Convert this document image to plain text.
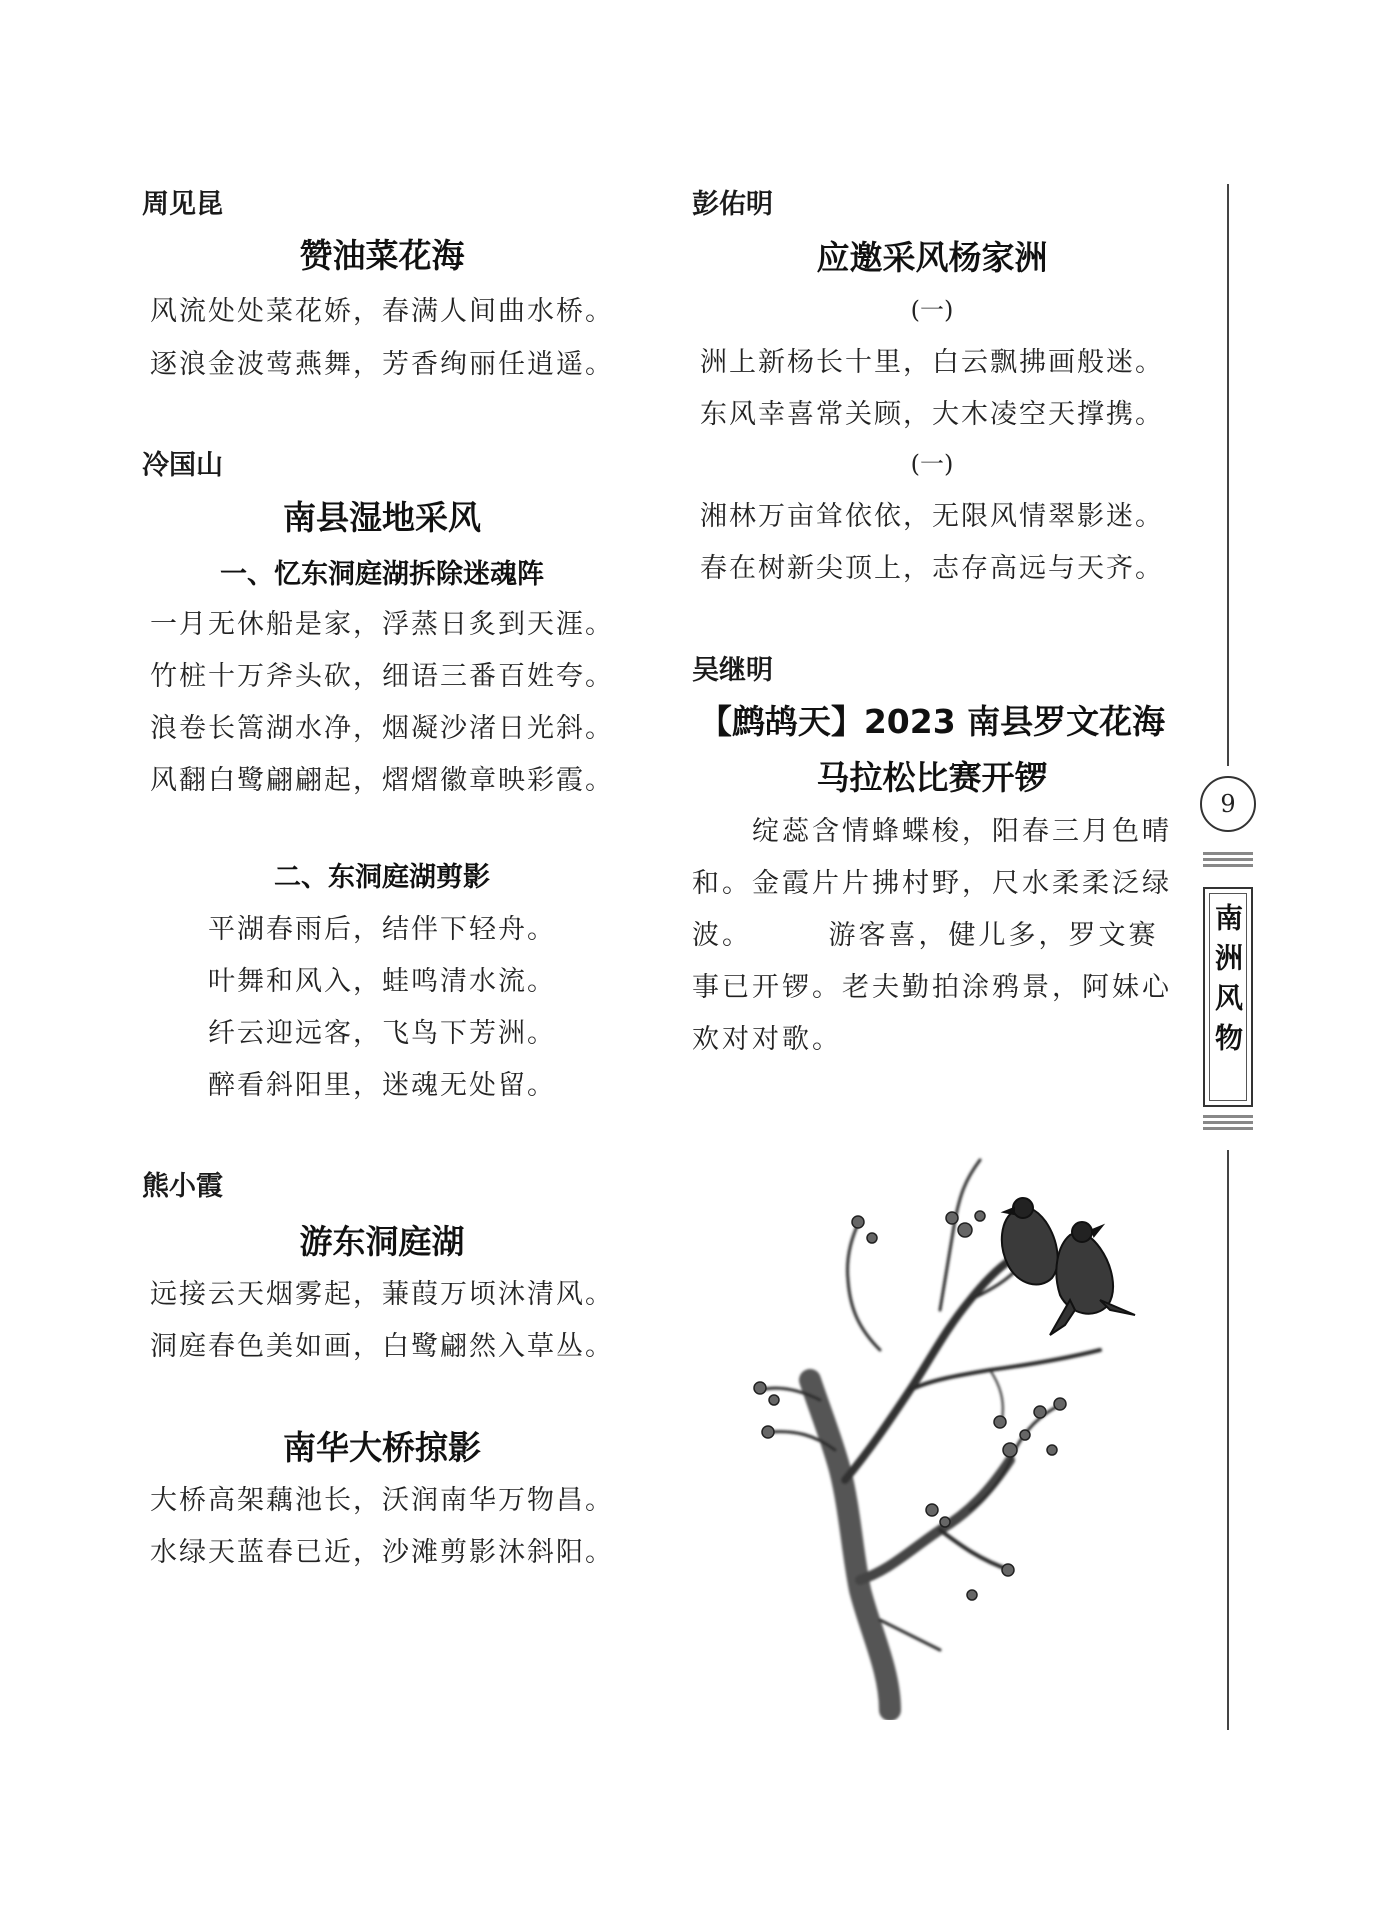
周见昆
赞油菜花海
风流处处菜花娇，春满人间曲水桥。
逐浪金波莺燕舞，芳香绚丽任逍遥。
冷国山
南县湿地采风
一、忆东洞庭湖拆除迷魂阵
一月无休船是家，浮蒸日炙到天涯。
竹桩十万斧头砍，细语三番百姓夸。
浪卷长篙湖水净，烟凝沙渚日光斜。
风翻白鹭翩翩起，熠熠徽章映彩霞。
二、东洞庭湖剪影
平湖春雨后，结伴下轻舟。
叶舞和风入，蛙鸣清水流。
纤云迎远客，飞鸟下芳洲。
醉看斜阳里，迷魂无处留。
熊小霞
游东洞庭湖
远接云天烟雾起，蒹葭万顷沐清风。
洞庭春色美如画，白鹭翩然入草丛。
南华大桥掠影
大桥高架藕池长，沃润南华万物昌。
水绿天蓝春已近，沙滩剪影沐斜阳。
彭佑明
应邀采风杨家洲
(一)
洲上新杨长十里，白云飘拂画般迷。
东风幸喜常关顾，大木凌空天撑携。
(一)
湘林万亩耸依依，无限风情翠影迷。
春在树新尖顶上，志存高远与天齐。
吴继明
【鹧鸪天】2023 南县罗文花海
马拉松比赛开锣
　　绽蕊含情蜂蝶梭，阳春三月色晴
和。金霞片片拂村野，尺水柔柔泛绿
波。　　　游客喜，健儿多，罗文赛
事已开锣。老夫勤拍涂鸦景，阿妹心
欢对对歌。
9
南洲风物
